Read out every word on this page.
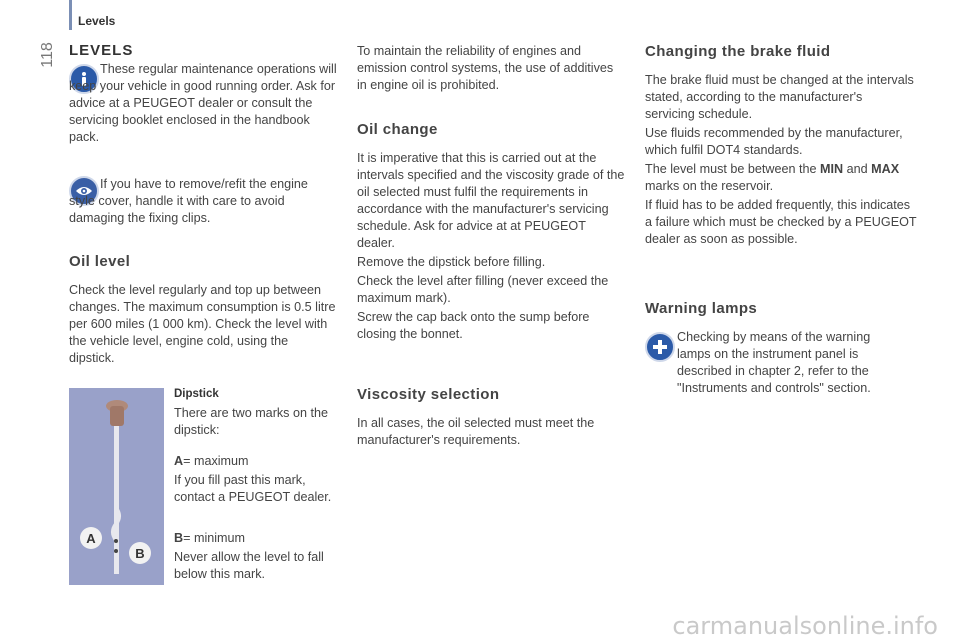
Levels
118 LEVELS

These regular maintenance operations will keep your vehicle in good running order. Ask for advice at a PEUGEOT dealer or consult the servicing booklet enclosed in the handbook pack.

If you have to remove/refit the engine style cover, handle it with care to avoid damaging the fixing clips.

Oil level

Check the level regularly and top up between changes. The maximum consumption is 0.5 litre per 600 miles (1 000 km). Check the level with the vehicle level, engine cold, using the dipstick.

A
B
Dipstick

There are two marks on the dipstick:

A= maximum

If you fill past this mark, contact a PEUGEOT dealer.

B= minimum

Never allow the level to fall below this mark.

To maintain the reliability of engines and emission control systems, the use of additives in engine oil is prohibited.

Oil change

It is imperative that this is carried out at the intervals specified and the viscosity grade of the oil selected must fulfil the requirements in accordance with the manufacturer's servicing schedule. Ask for advice at at PEUGEOT dealer.

Remove the dipstick before filling.

Check the level after filling (never exceed the maximum mark).

Screw the cap back onto the sump before closing the bonnet.

Viscosity selection

In all cases, the oil selected must meet the manufacturer's requirements.

Changing the brake fluid

The brake fluid must be changed at the intervals stated, according to the manufacturer's servicing schedule.

Use fluids recommended by the manufacturer, which fulfil DOT4 standards.

The level must be between the MIN and MAX marks on the reservoir.

If fluid has to be added frequently, this indicates a failure which must be checked by a PEUGEOT dealer as soon as possible.

Warning lamps

Checking by means of the warning lamps on the instrument panel is described in chapter 2, refer to the "Instruments and controls" section.

carmanualsonline.info
